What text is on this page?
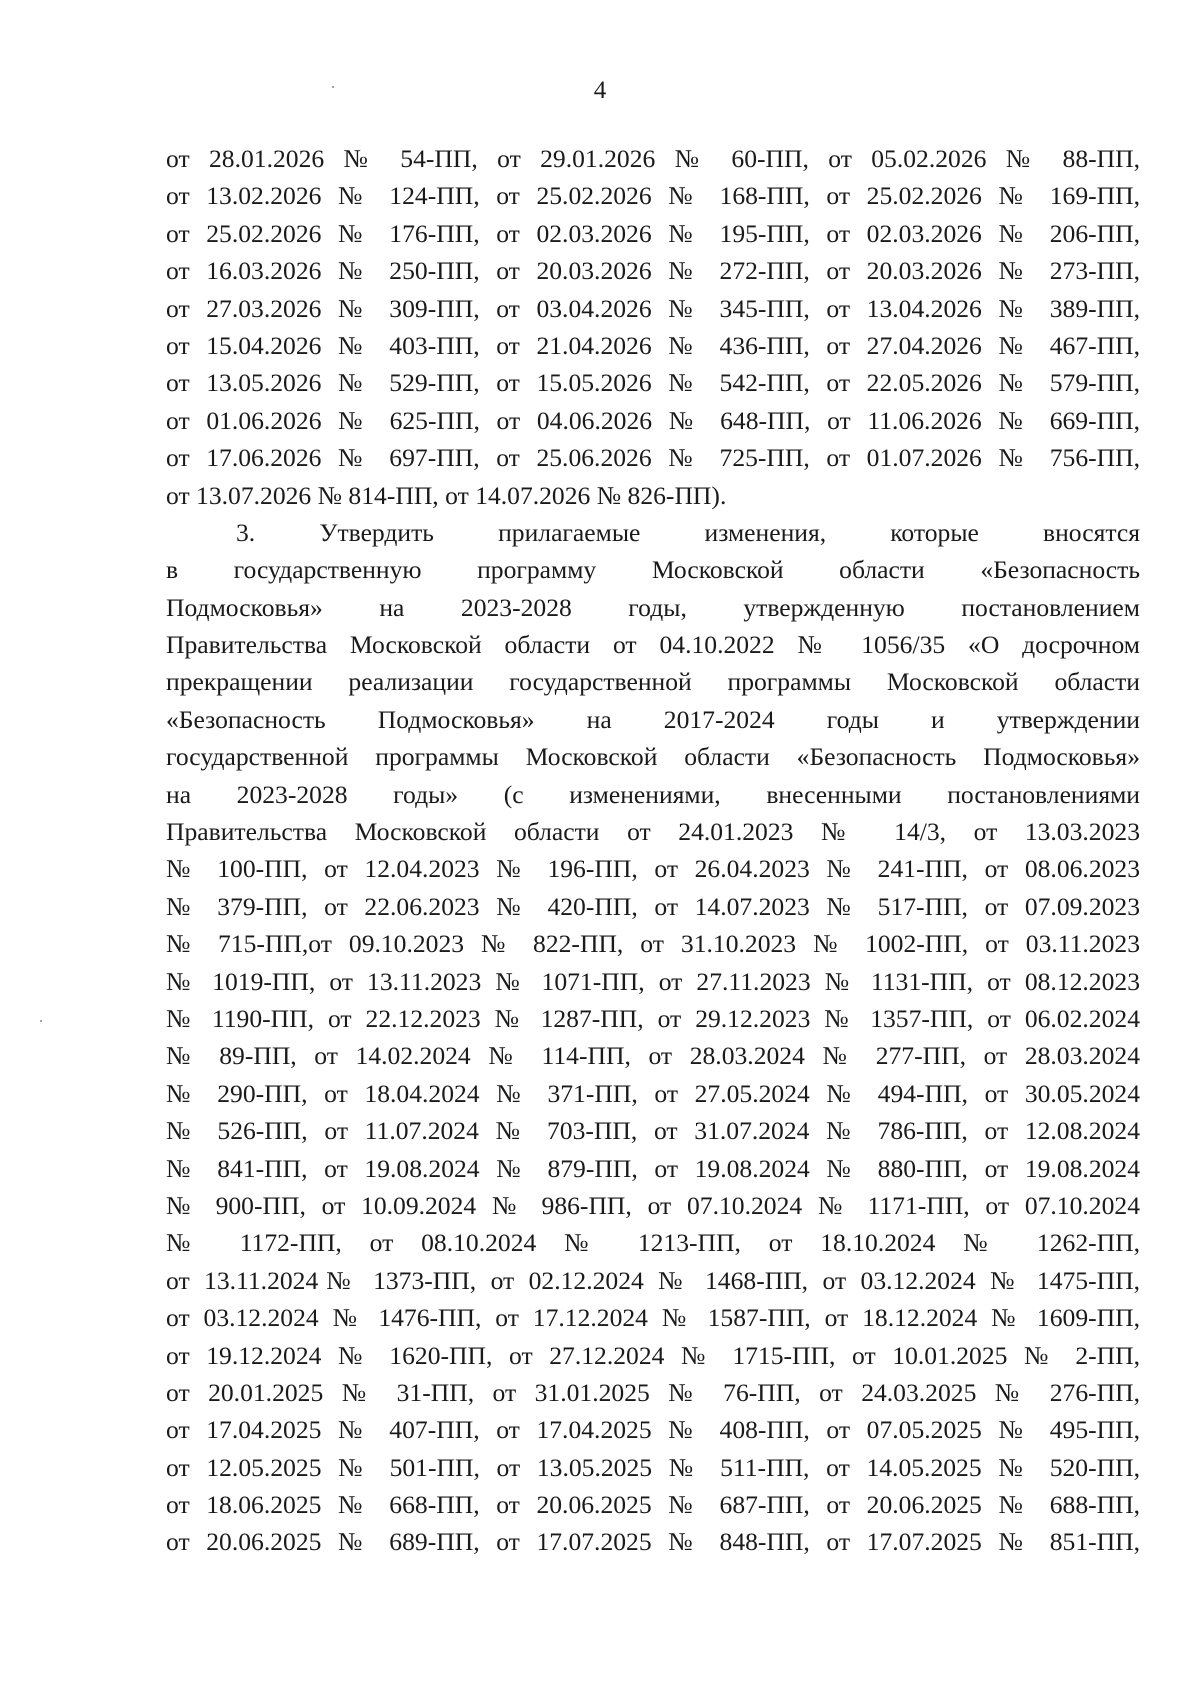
4
от 28.01.2026 № 54-ПП, от 29.01.2026 № 60-ПП, от 05.02.2026 № 88-ПП,
от 13.02.2026 № 124-ПП, от 25.02.2026 № 168-ПП, от 25.02.2026 № 169-ПП,
от 25.02.2026 № 176-ПП, от 02.03.2026 № 195-ПП, от 02.03.2026 № 206-ПП,
от 16.03.2026 № 250-ПП, от 20.03.2026 № 272-ПП, от 20.03.2026 № 273-ПП,
от 27.03.2026 № 309-ПП, от 03.04.2026 № 345-ПП, от 13.04.2026 № 389-ПП,
от 15.04.2026 № 403-ПП, от 21.04.2026 № 436-ПП, от 27.04.2026 № 467-ПП,
от 13.05.2026 № 529-ПП, от 15.05.2026 № 542-ПП, от 22.05.2026 № 579-ПП,
от 01.06.2026 № 625-ПП, от 04.06.2026 № 648-ПП, от 11.06.2026 № 669-ПП,
от 17.06.2026 № 697-ПП, от 25.06.2026 № 725-ПП, от 01.07.2026 № 756-ПП,
от 13.07.2026 № 814-ПП, от 14.07.2026 № 826-ПП).
3. Утвердить прилагаемые изменения, которые вносятся
в государственную программу Московской области «Безопасность
Подмосковья» на 2023-2028 годы, утвержденную постановлением
Правительства Московской области от 04.10.2022 № 1056/35 «О досрочном
прекращении реализации государственной программы Московской области
«Безопасность Подмосковья» на 2017-2024 годы и утверждении
государственной программы Московской области «Безопасность Подмосковья»
на 2023-2028 годы» (с изменениями, внесенными постановлениями
Правительства Московской области от 24.01.2023 № 14/3, от 13.03.2023
№ 100-ПП, от 12.04.2023 № 196-ПП, от 26.04.2023 № 241-ПП, от 08.06.2023
№ 379-ПП, от 22.06.2023 № 420-ПП, от 14.07.2023 № 517-ПП, от 07.09.2023
№ 715-ПП,от 09.10.2023 № 822-ПП, от 31.10.2023 № 1002-ПП, от 03.11.2023
№ 1019-ПП, от 13.11.2023 № 1071-ПП, от 27.11.2023 № 1131-ПП, от 08.12.2023
№ 1190-ПП, от 22.12.2023 № 1287-ПП, от 29.12.2023 № 1357-ПП, от 06.02.2024
№ 89-ПП, от 14.02.2024 № 114-ПП, от 28.03.2024 № 277-ПП, от 28.03.2024
№ 290-ПП, от 18.04.2024 № 371-ПП, от 27.05.2024 № 494-ПП, от 30.05.2024
№ 526-ПП, от 11.07.2024 № 703-ПП, от 31.07.2024 № 786-ПП, от 12.08.2024
№ 841-ПП, от 19.08.2024 № 879-ПП, от 19.08.2024 № 880-ПП, от 19.08.2024
№ 900-ПП, от 10.09.2024 № 986-ПП, от 07.10.2024 № 1171-ПП, от 07.10.2024
№ 1172-ПП, от 08.10.2024 № 1213-ПП, от 18.10.2024 № 1262-ПП,
от 13.11.2024№ 1373-ПП, от 02.12.2024 № 1468-ПП, от 03.12.2024 № 1475-ПП,
от 03.12.2024 № 1476-ПП, от 17.12.2024 № 1587-ПП, от 18.12.2024 № 1609-ПП,
от 19.12.2024 № 1620-ПП, от 27.12.2024 № 1715-ПП, от 10.01.2025 № 2-ПП,
от 20.01.2025 № 31-ПП, от 31.01.2025 № 76-ПП, от 24.03.2025 № 276-ПП,
от 17.04.2025 № 407-ПП, от 17.04.2025 № 408-ПП, от 07.05.2025 № 495-ПП,
от 12.05.2025 № 501-ПП, от 13.05.2025 № 511-ПП, от 14.05.2025 № 520-ПП,
от 18.06.2025 № 668-ПП, от 20.06.2025 № 687-ПП, от 20.06.2025 № 688-ПП,
от 20.06.2025 № 689-ПП, от 17.07.2025 № 848-ПП, от 17.07.2025 № 851-ПП,
